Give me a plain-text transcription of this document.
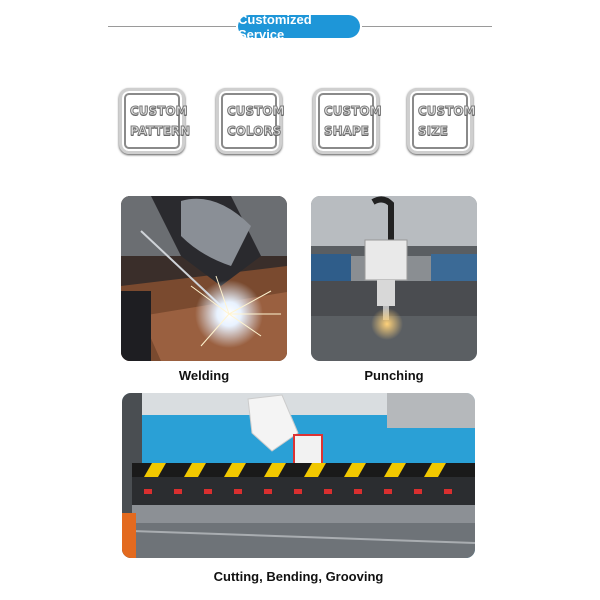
Customized Service
CUSTOM
PATTERN
CUSTOM
COLORS
CUSTOM
SHAPE
CUSTOM
SIZE
Welding	Punching
Cutting, Bending, Grooving
